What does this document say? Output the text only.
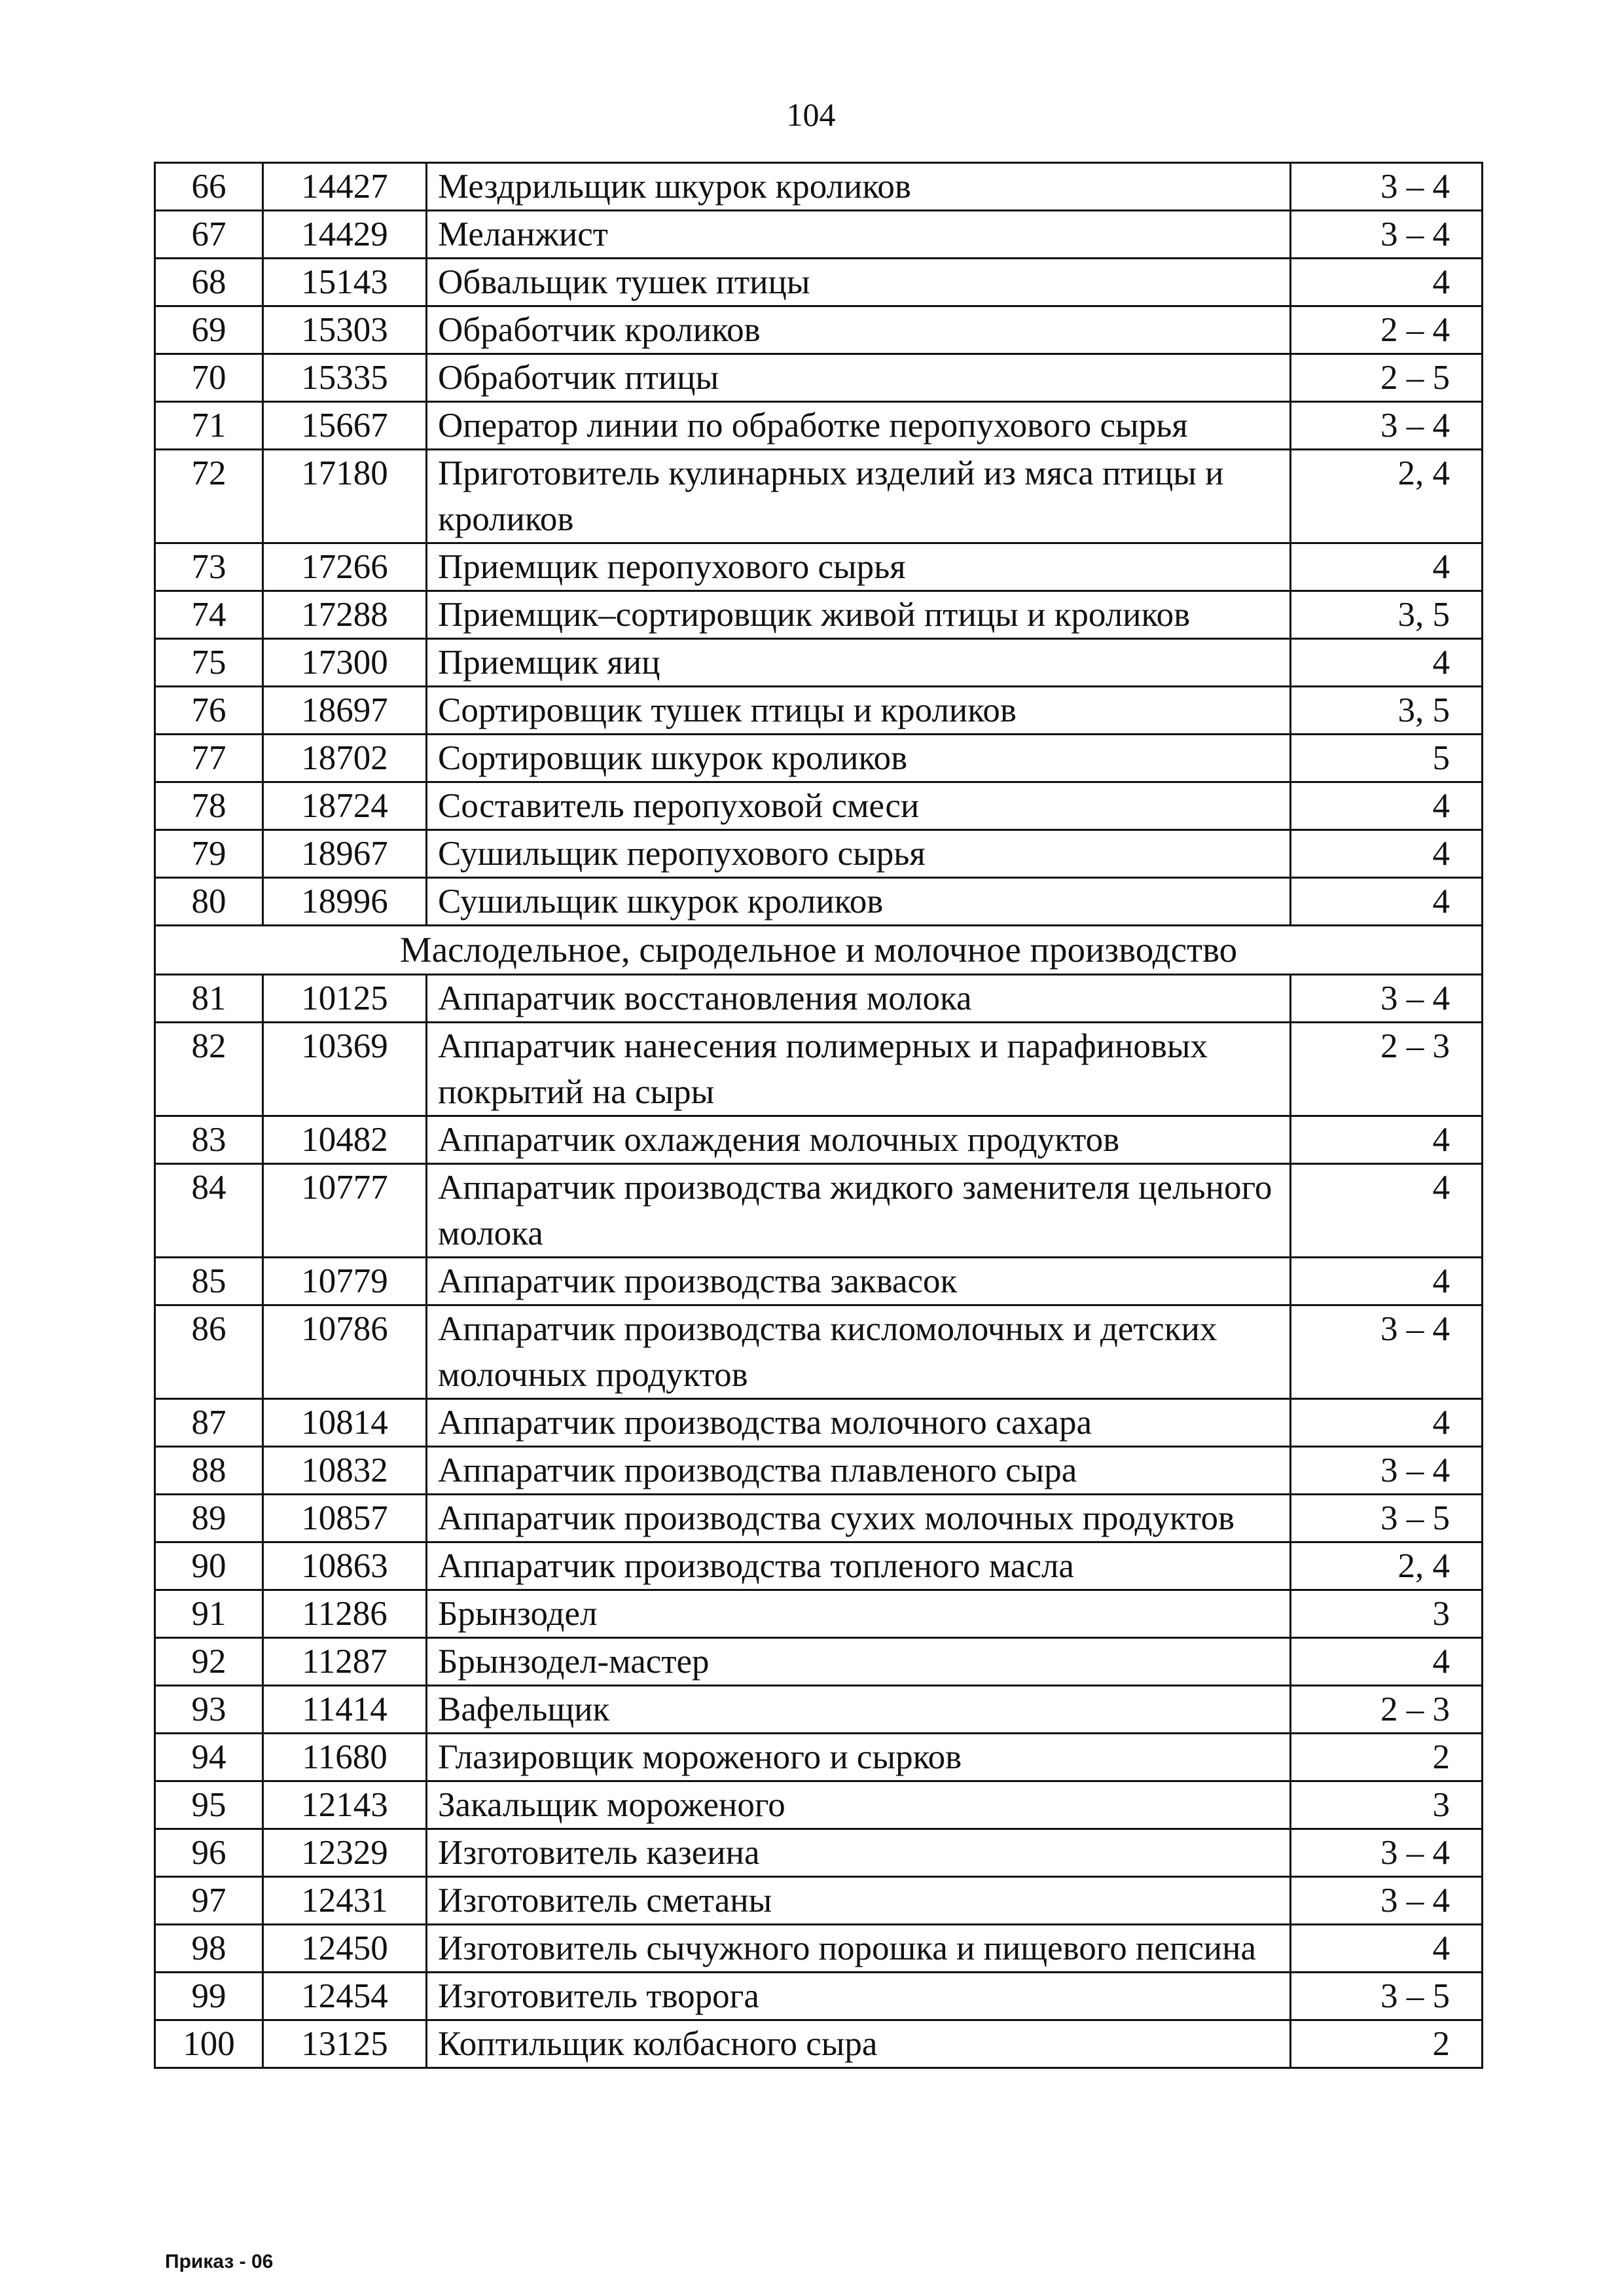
104
66	14427	Мездрильщик шкурок кроликов	3 – 4
67	14429	Меланжист	3 – 4
68	15143	Обвальщик тушек птицы	4
69	15303	Обработчик кроликов	2 – 4
70	15335	Обработчик птицы	2 – 5
71	15667	Оператор линии по обработке перопухового сырья	3 – 4
72	17180	Приготовитель кулинарных изделий из мяса птицы и кроликов	2, 4
73	17266	Приемщик перопухового сырья	4
74	17288	Приемщик–сортировщик живой птицы и кроликов	3, 5
75	17300	Приемщик яиц	4
76	18697	Сортировщик тушек птицы и кроликов	3, 5
77	18702	Сортировщик шкурок кроликов	5
78	18724	Составитель перопуховой смеси	4
79	18967	Сушильщик перопухового сырья	4
80	18996	Сушильщик шкурок кроликов	4
Маслодельное, сыродельное и молочное производство			
81	10125	Аппаратчик восстановления молока	3 – 4
82	10369	Аппаратчик нанесения полимерных и парафиновых покрытий на сыры	2 – 3
83	10482	Аппаратчик охлаждения молочных продуктов	4
84	10777	Аппаратчик производства жидкого заменителя цельного молока	4
85	10779	Аппаратчик производства заквасок	4
86	10786	Аппаратчик производства кисломолочных и детских молочных продуктов	3 – 4
87	10814	Аппаратчик производства молочного сахара	4
88	10832	Аппаратчик производства плавленого сыра	3 – 4
89	10857	Аппаратчик производства сухих молочных продуктов	3 – 5
90	10863	Аппаратчик производства топленого масла	2, 4
91	11286	Брынзодел	3
92	11287	Брынзодел-мастер	4
93	11414	Вафельщик	2 – 3
94	11680	Глазировщик мороженого и сырков	2
95	12143	Закальщик мороженого	3
96	12329	Изготовитель казеина	3 – 4
97	12431	Изготовитель сметаны	3 – 4
98	12450	Изготовитель сычужного порошка и пищевого пепсина	4
99	12454	Изготовитель творога	3 – 5
100	13125	Коптильщик колбасного сыра	2
Приказ - 06
